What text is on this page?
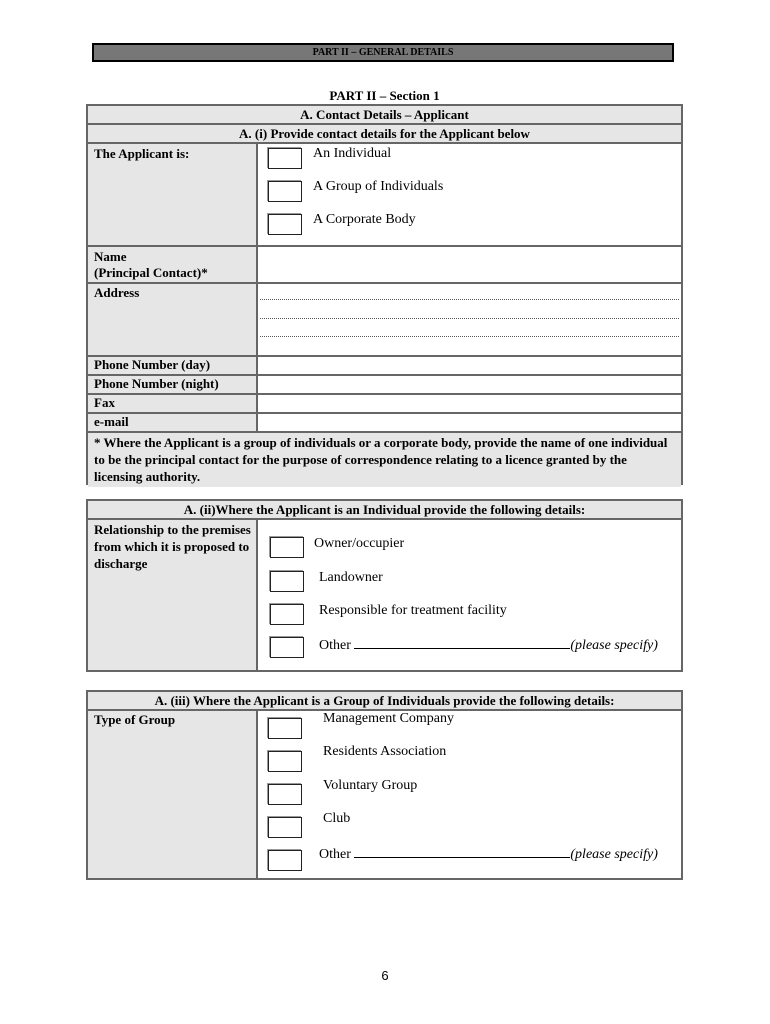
PART II – GENERAL DETAILS
PART II – Section 1
A. Contact Details – Applicant
A. (i) Provide contact details for the Applicant below
The Applicant is:	An Individual
A Group of Individuals
A Corporate Body
Name
(Principal Contact)*
Address
Phone Number (day)
Phone Number (night)
Fax
e-mail
* Where the Applicant is a group of individuals or a corporate body, provide the name of one individual to be the principal contact for the purpose of correspondence relating to a licence granted by the licensing authority.
A. (ii)Where the Applicant is an Individual provide the following details:
Relationship to the premises from which it is proposed to discharge
Owner/occupier
Landowner
Responsible for treatment facility
Other	(please specify)
A. (iii) Where the Applicant is a Group of Individuals provide the following details:
Type of Group	Management Company
Residents Association
Voluntary Group
Club
Other	(please specify)
6
